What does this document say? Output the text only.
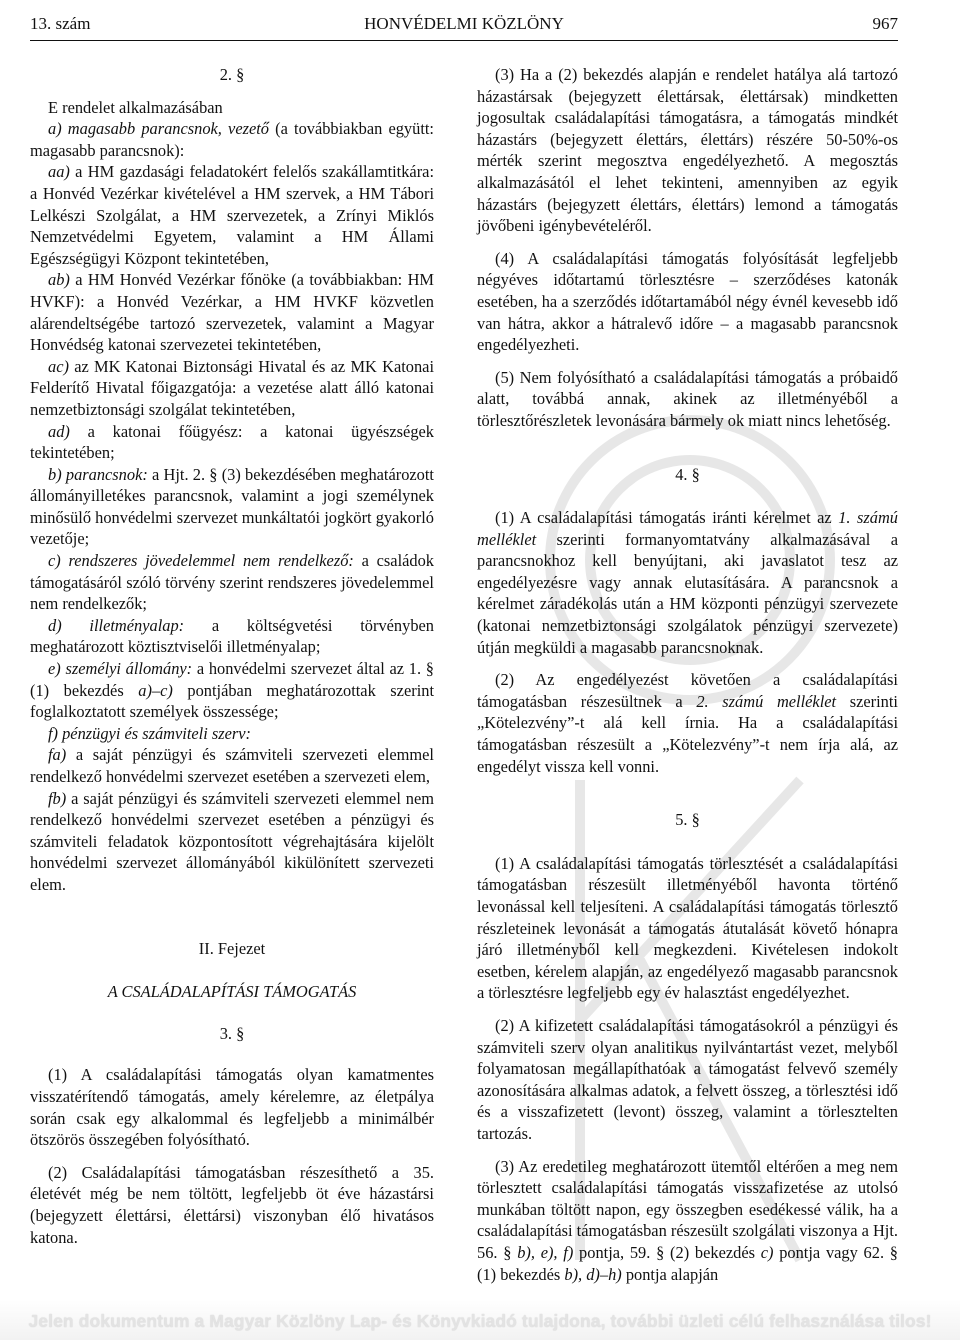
13. szám	HONVÉDELMI KÖZLÖNY	967

2. §

E rendelet alkalmazásában

a) magasabb parancsnok, vezető (a továbbiakban együtt: magasabb parancsnok):

aa) a HM gazdasági feladatokért felelős szakállamtitkára: a Honvéd Vezérkar kivételével a HM szervek, a HM Tábori Lelkészi Szolgálat, a HM szervezetek, a Zrínyi Miklós Nemzetvédelmi Egyetem, valamint a HM Állami Egészségügyi Központ tekintetében,

ab) a HM Honvéd Vezérkar főnöke (a továbbiakban: HM HVKF): a Honvéd Vezérkar, a HM HVKF közvetlen alárendeltségébe tartozó szervezetek, valamint a Magyar Honvédség katonai szervezetei tekintetében,

ac) az MK Katonai Biztonsági Hivatal és az MK Katonai Felderítő Hivatal főigazgatója: a vezetése alatt álló katonai nemzetbiztonsági szolgálat tekintetében,

ad) a katonai főügyész: a katonai ügyészségek tekintetében;

b) parancsnok: a Hjt. 2. § (3) bekezdésében meghatározott állományilletékes parancsnok, valamint a jogi személynek minősülő honvédelmi szervezet munkáltatói jogkört gyakorló vezetője;

c) rendszeres jövedelemmel nem rendelkező: a családok támogatásáról szóló törvény szerint rendszeres jövedelemmel nem rendelkezők;

d) illetményalap: a költségvetési törvényben meghatározott köztisztviselői illetményalap;

e) személyi állomány: a honvédelmi szervezet által az 1. § (1) bekezdés a)–c) pontjában meghatározottak szerint foglalkoztatott személyek összessége;

f) pénzügyi és számviteli szerv:

fa) a saját pénzügyi és számviteli szervezeti elemmel rendelkező honvédelmi szervezet esetében a szervezeti elem,

fb) a saját pénzügyi és számviteli szervezeti elemmel nem rendelkező honvédelmi szervezet esetében a pénzügyi és számviteli feladatok központosított végrehajtására kijelölt honvédelmi szervezet állományából kikülönített szervezeti elem.

II. Fejezet

A CSALÁDALAPÍTÁSI TÁMOGATÁS

3. §

(1) A családalapítási támogatás olyan kamatmentes visszatérítendő támogatás, amely kérelemre, az életpálya során csak egy alkalommal és legfeljebb a minimálbér ötszörös összegében folyósítható.

(2) Családalapítási támogatásban részesíthető a 35. életévét még be nem töltött, legfeljebb öt éve házastársi (bejegyzett élettársi, élettársi) viszonyban élő hivatásos katona.

(3) Ha a (2) bekezdés alapján e rendelet hatálya alá tartozó házastársak (bejegyzett élettársak, élettársak) mindketten jogosultak családalapítási támogatásra, a támogatás mindkét házastárs (bejegyzett élettárs, élettárs) részére 50-50%-os mérték szerint megosztva engedélyezhető. A megosztás alkalmazásától el lehet tekinteni, amennyiben az egyik házastárs (bejegyzett élettárs, élettárs) lemond a támogatás jövőbeni igénybevételéről.

(4) A családalapítási támogatás folyósítását legfeljebb négyéves időtartamú törlesztésre – szerződéses katonák esetében, ha a szerződés időtartamából négy évnél kevesebb idő van hátra, akkor a hátralevő időre – a magasabb parancsnok engedélyezheti.

(5) Nem folyósítható a családalapítási támogatás a próbaidő alatt, továbbá annak, akinek az illetményéből a törlesztőrészletek levonására bármely ok miatt nincs lehetőség.

4. §

(1) A családalapítási támogatás iránti kérelmet az 1. számú melléklet szerinti formanyomtatvány alkalmazásával a parancsnokhoz kell benyújtani, aki javaslatot tesz az engedélyezésre vagy annak elutasítására. A parancsnok a kérelmet záradékolás után a HM központi pénzügyi szervezete (katonai nemzetbiztonsági szolgálatok pénzügyi szervezete) útján megküldi a magasabb parancsnoknak.

(2) Az engedélyezést követően a családalapítási támogatásban részesültnek a 2. számú melléklet szerinti „Kötelezvény”-t alá kell írnia. Ha a családalapítási támogatásban részesült a „Kötelezvény”-t nem írja alá, az engedélyt vissza kell vonni.

5. §

(1) A családalapítási támogatás törlesztését a családalapítási támogatásban részesült illetményéből havonta történő levonással kell teljesíteni. A családalapítási támogatás törlesztő részleteinek levonását a támogatás átutalását követő hónapra járó illetményből kell megkezdeni. Kivételesen indokolt esetben, kérelem alapján, az engedélyező magasabb parancsnok a törlesztésre legfeljebb egy év halasztást engedélyezhet.

(2) A kifizetett családalapítási támogatásokról a pénzügyi és számviteli szerv olyan analitikus nyilvántartást vezet, melyből folyamatosan megállapíthatóak a támogatást felvevő személy azonosítására alkalmas adatok, a felvett összeg, a törlesztési idő és a visszafizetett (levont) összeg, valamint a törlesztelten tartozás.

(3) Az eredetileg meghatározott ütemtől eltérően a meg nem törlesztett családalapítási támogatás visszafizetése az utolsó munkában töltött napon, egy összegben esedékessé válik, ha a családalapítási támogatásban részesült szolgálati viszonya a Hjt. 56. § b), e), f) pontja, 59. § (2) bekezdés c) pontja vagy 62. § (1) bekezdés b), d)–h) pontja alapján

Jelen dokumentum a Magyar Közlöny Lap- és Könyvkiadó tulajdona, további üzleti célú felhasználása tilos!
